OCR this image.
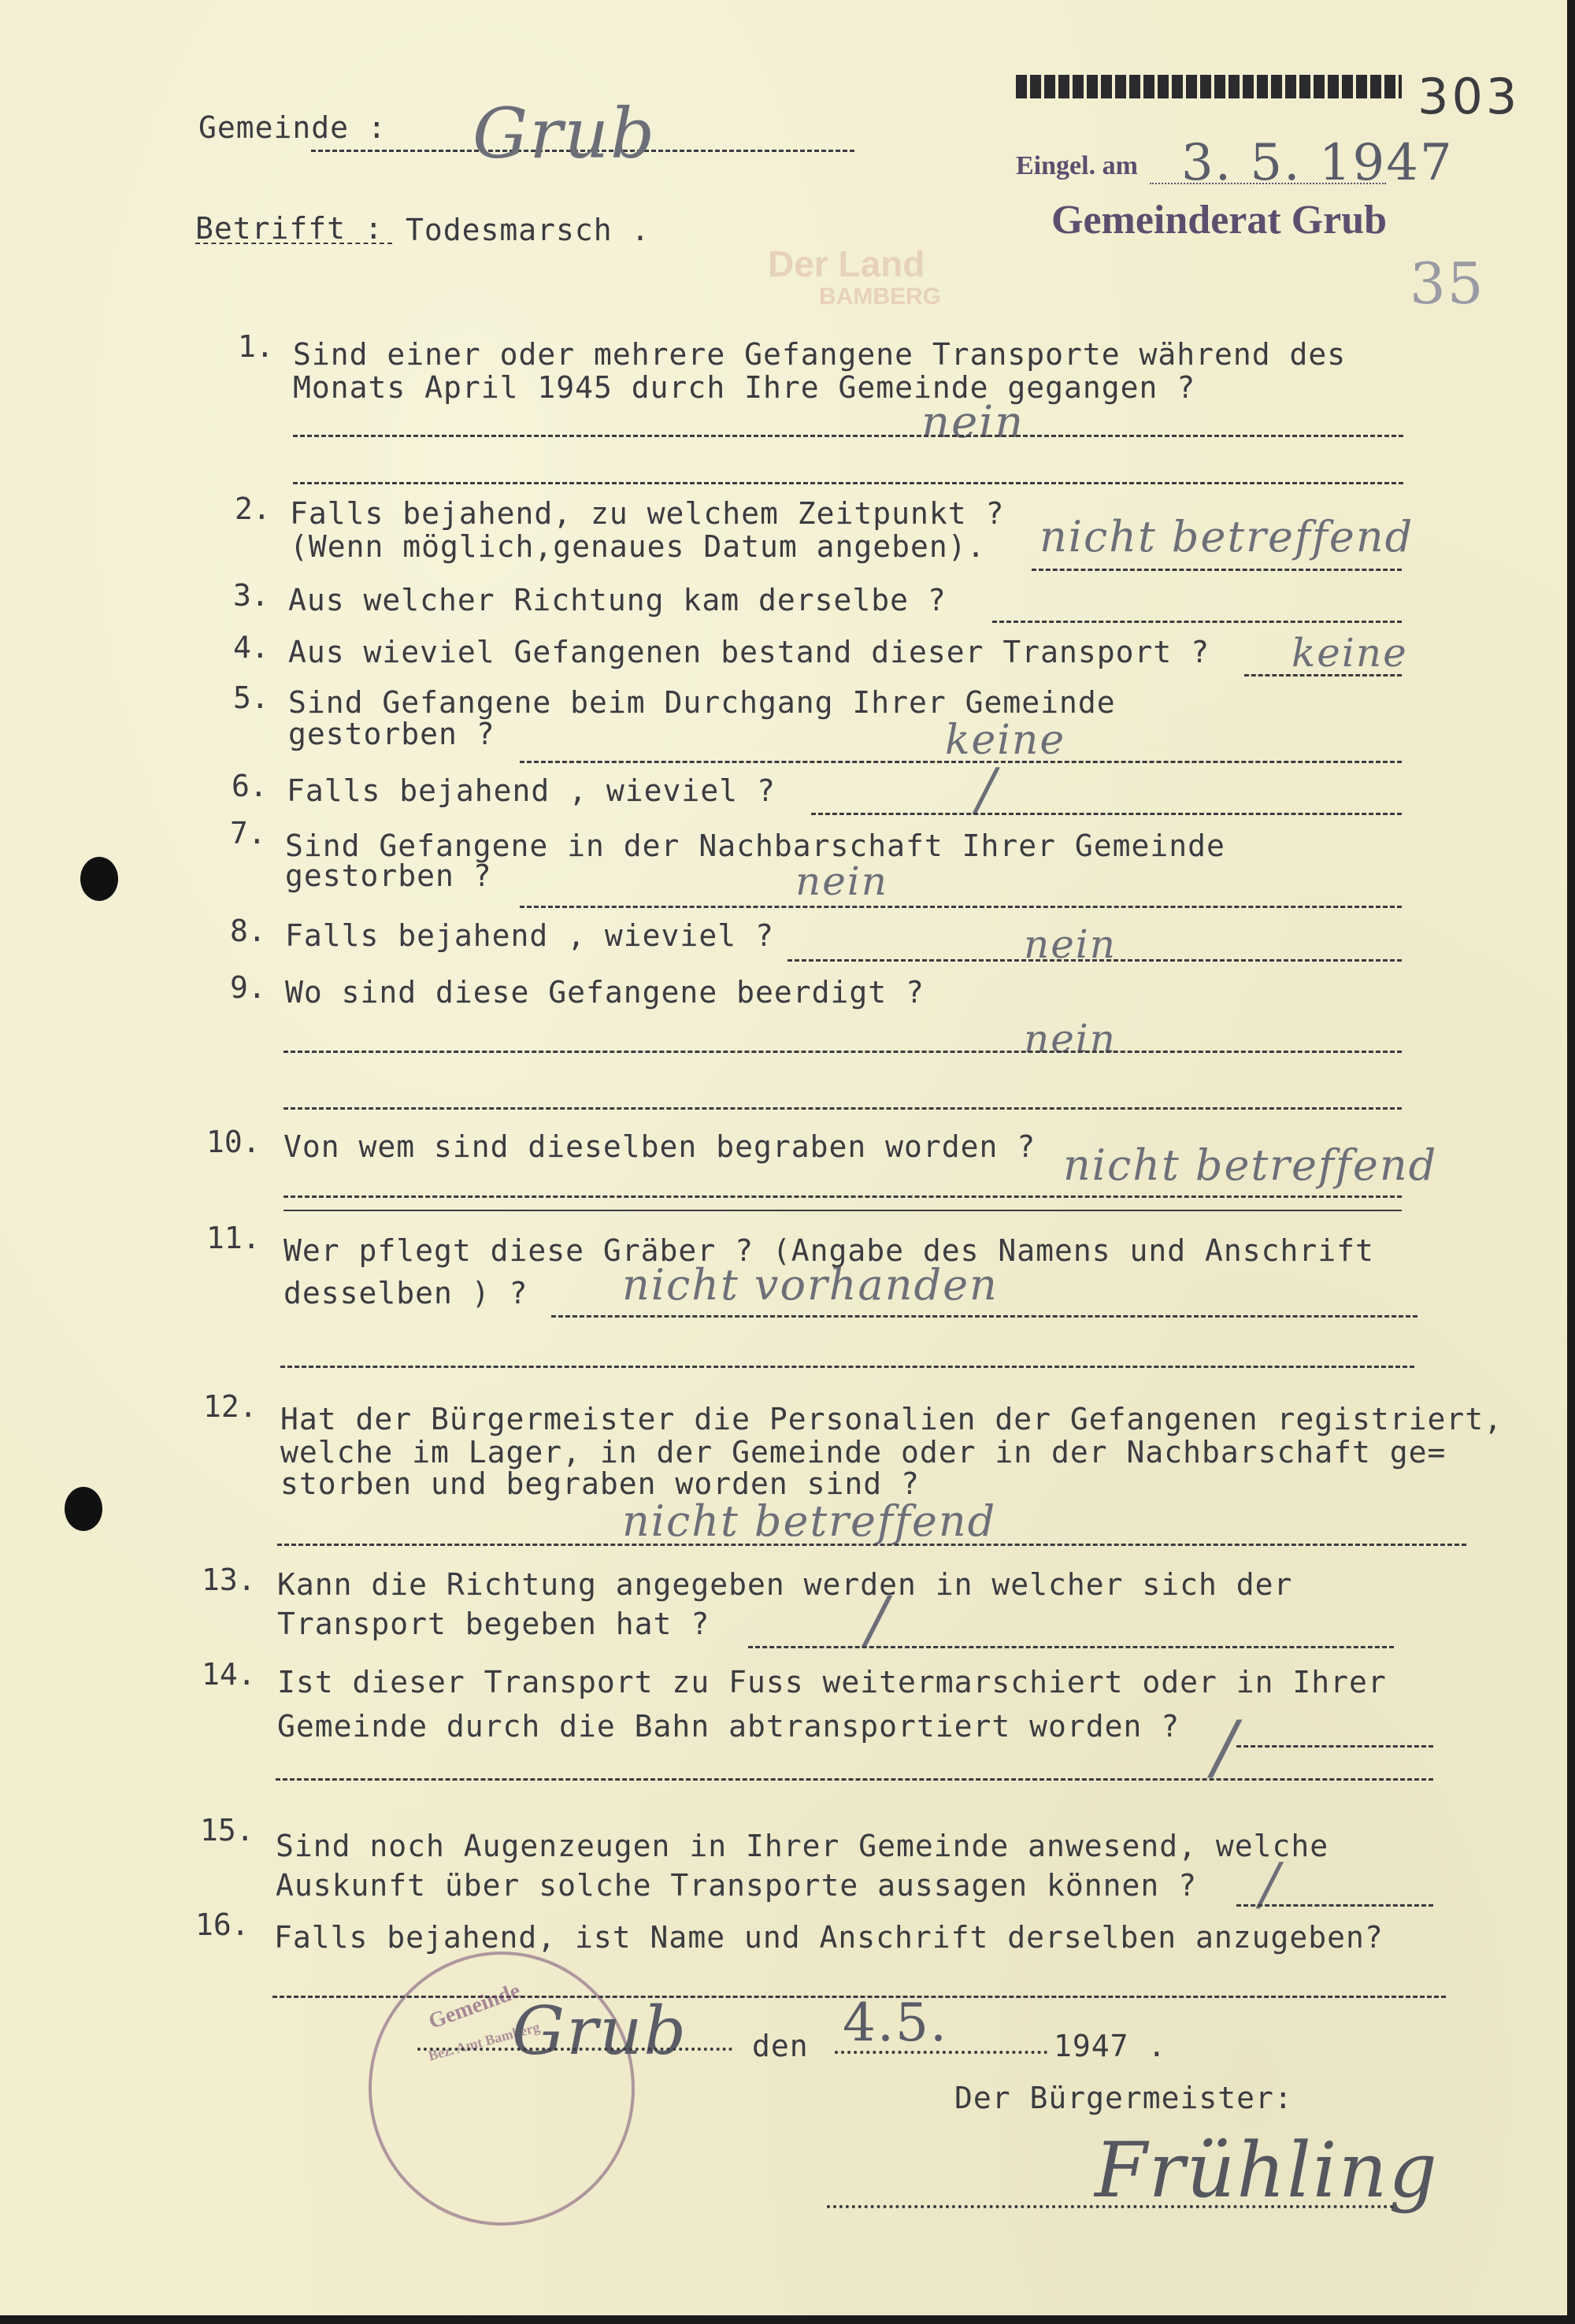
303
35
Gemeinde : Grub
Betrifft : Todesmarsch .
Der Land
BAMBERG
Eingel. am 3. 5. 1947
Gemeinderat Grub
1. Sind einer oder mehrere Gefangene Transporte während des
Monats April 1945 durch Ihre Gemeinde gegangen ?
nein
2. Falls bejahend, zu welchem Zeitpunkt ?
(Wenn möglich,genaues Datum angeben). nicht betreffend
3. Aus welcher Richtung kam derselbe ?
4. Aus wieviel Gefangenen bestand dieser Transport ? keine
5. Sind Gefangene beim Durchgang Ihrer Gemeinde
gestorben ?	keine
6. Falls bejahend , wieviel ?	/
7. Sind Gefangene in der Nachbarschaft Ihrer Gemeinde
gestorben ?	nein
8. Falls bejahend , wieviel ?	nein
9. Wo sind diese Gefangene beerdigt ?
nein
10. Von wem sind dieselben begraben worden ? nicht betreffend
11. Wer pflegt diese Gräber ? (Angabe des Namens und Anschrift
desselben ) ? nicht vorhanden
12. Hat der Bürgermeister die Personalien der Gefangenen registriert,
welche im Lager, in der Gemeinde oder in der Nachbarschaft ge=
storben und begraben worden sind ?
nicht betreffend
13. Kann die Richtung angegeben werden in welcher sich der
Transport begeben hat ? /
14. Ist dieser Transport zu Fuss weitermarschiert oder in Ihrer
Gemeinde durch die Bahn abtransportiert worden ? /
15. Sind noch Augenzeugen in Ihrer Gemeinde anwesend, welche
Auskunft über solche Transporte aussagen können ? /
16. Falls bejahend, ist Name und Anschrift derselben anzugeben?
Gemeinde
Bez. Amt Bamberg
Grub den 4.5.	1947 .
Der Bürgermeister:
Frühling
